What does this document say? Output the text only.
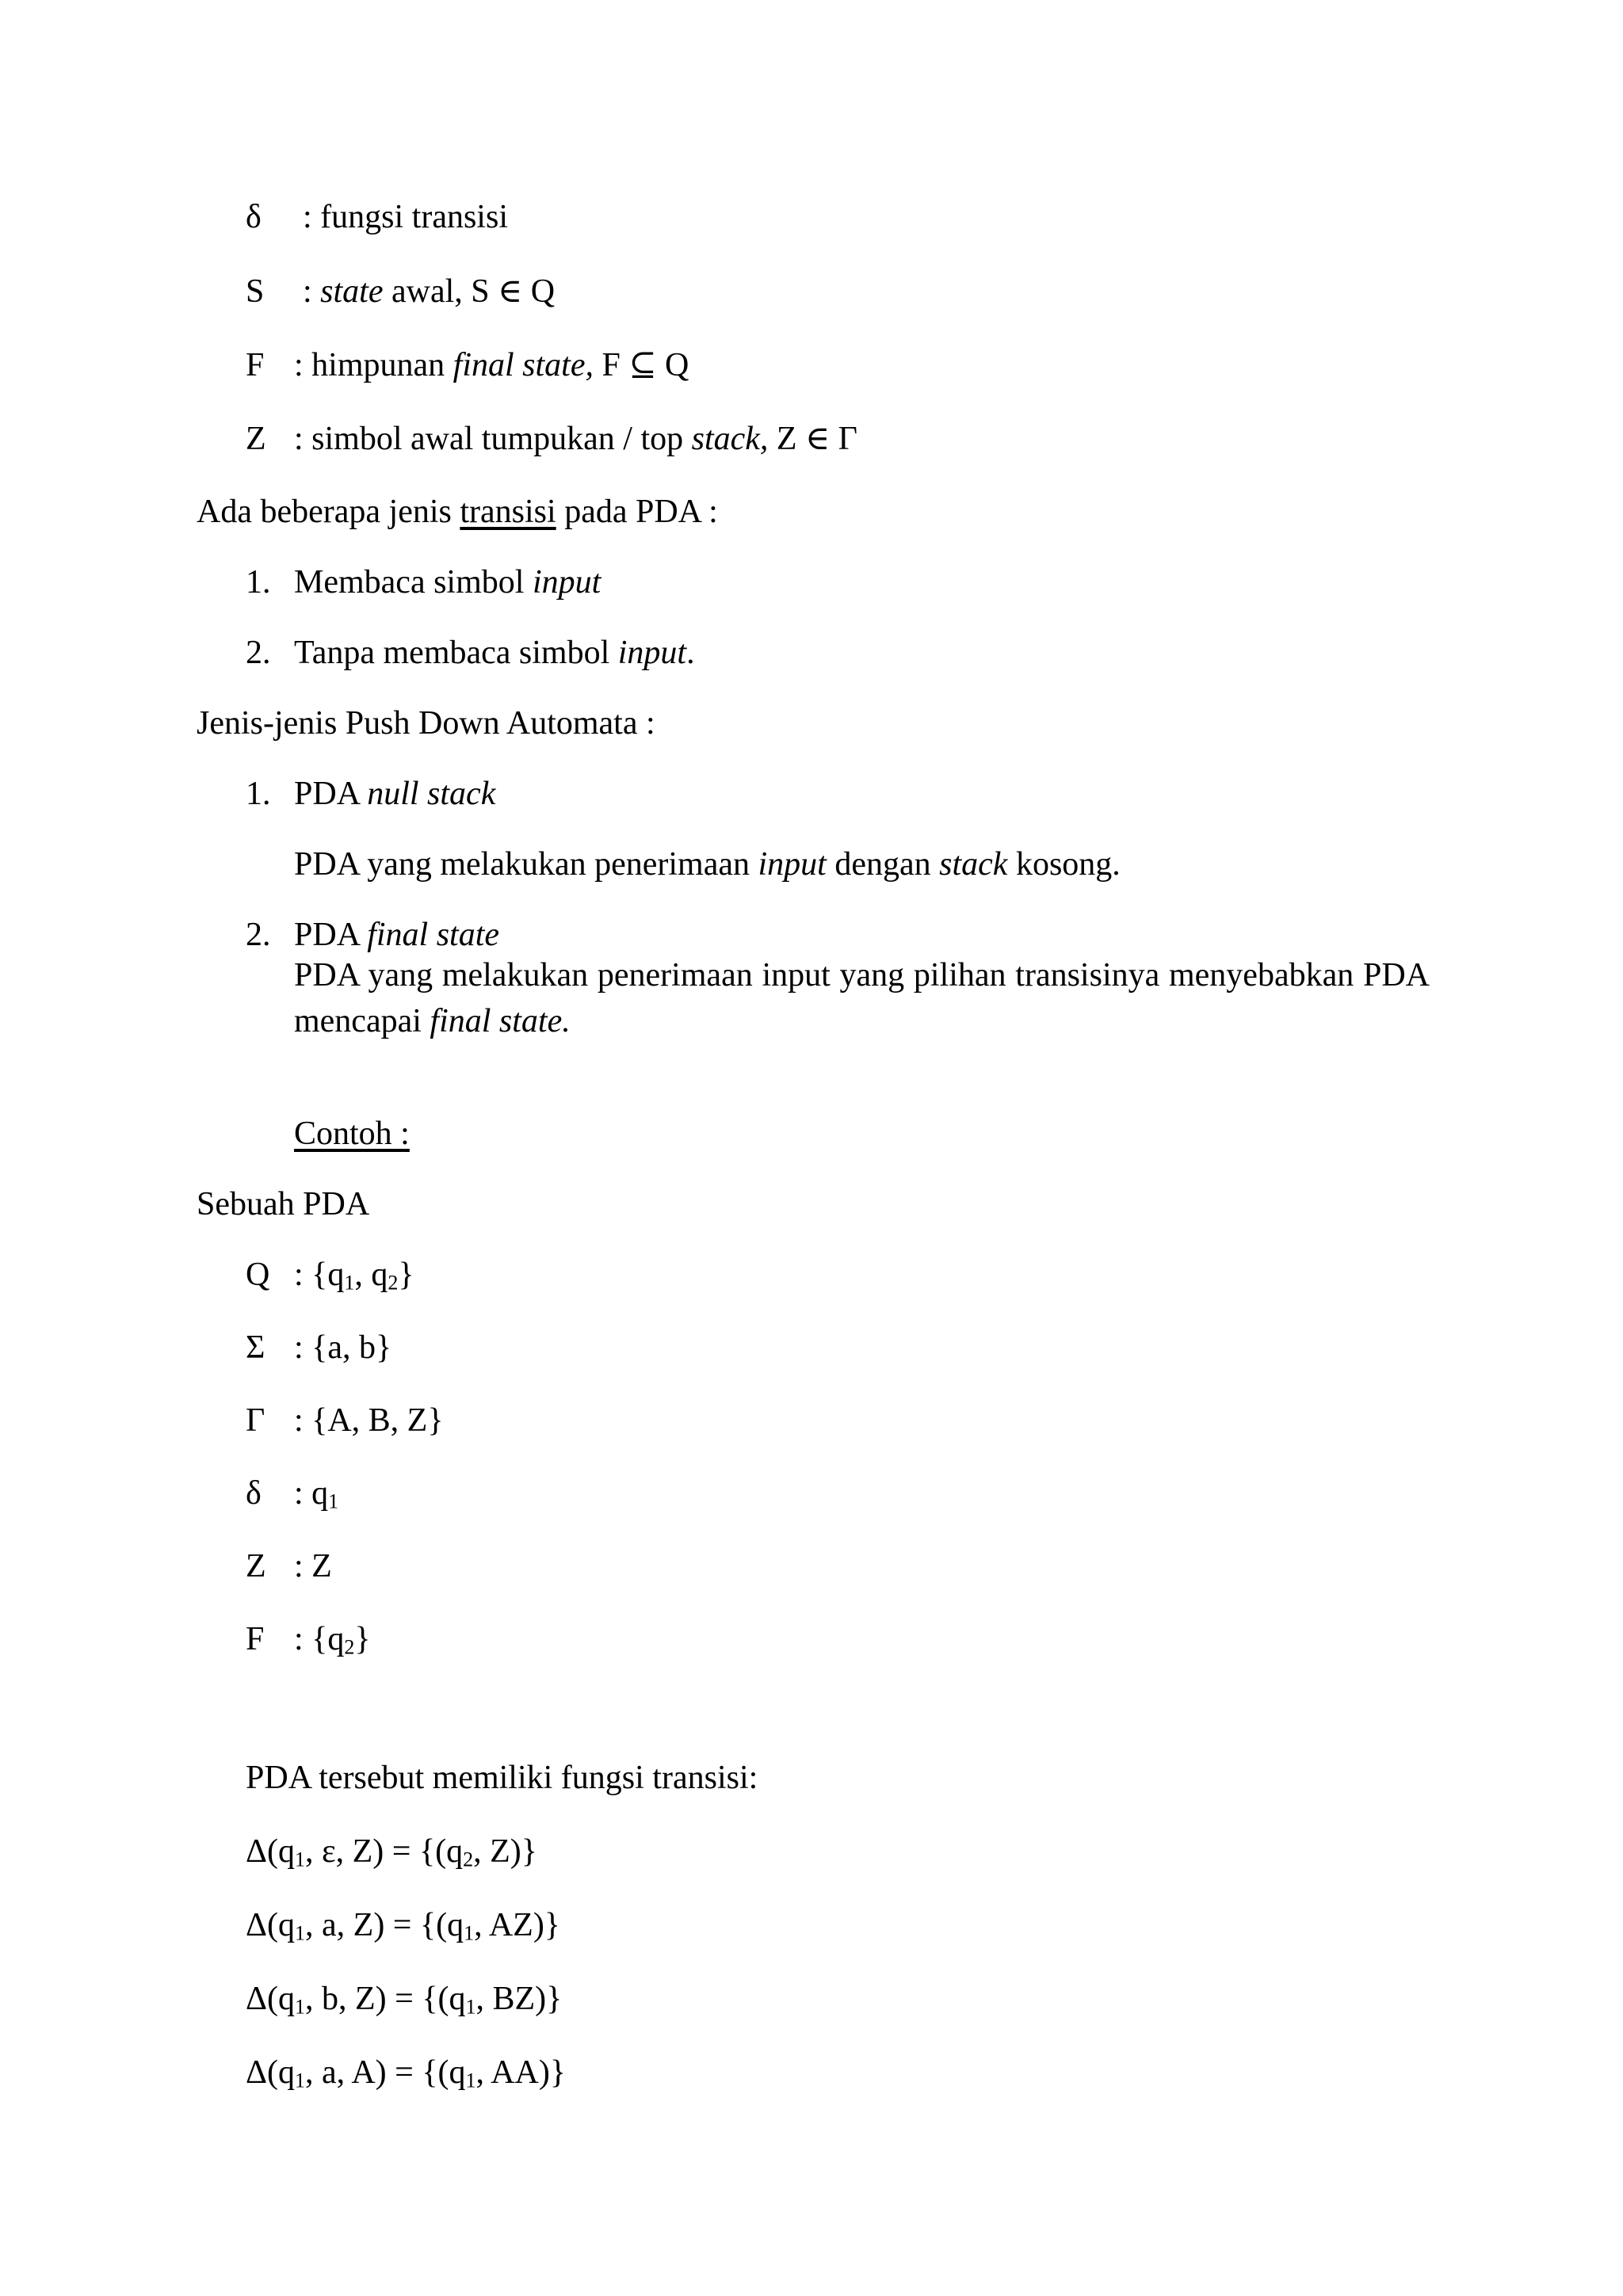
δ : fungsi transisi
S : state awal, S ∈ Q
F : himpunan final state, F ⊆ Q
Z : simbol awal tumpukan / top stack, Z ∈ Γ
Ada beberapa jenis transisi pada PDA :
1. Membaca simbol input
2. Tanpa membaca simbol input.
Jenis-jenis Push Down Automata :
1. PDA null stack
PDA yang melakukan penerimaan input dengan stack kosong.
2. PDA final state
PDA yang melakukan penerimaan input yang pilihan transisinya menyebabkan PDA
mencapai final state.
Contoh :
Sebuah PDA
Q : {$q_1$, $q_2$}
Σ : {a, b}
Γ : {A, B, Z}
δ : $q_1$
Z : Z
F : $\{q_2\}$
PDA tersebut memiliki fungsi transisi:
$\Delta(q_1$, ε, $Z) = \{(q_2$, Z)}
$\Delta(q_1$, a, $Z) = \{(q_1$, AZ)}
$\Delta(q_1$, b, $Z) = \{(q_1$, BZ)}
$\Delta(q_1$, a, $A) = \{(q_1$, AA)}
